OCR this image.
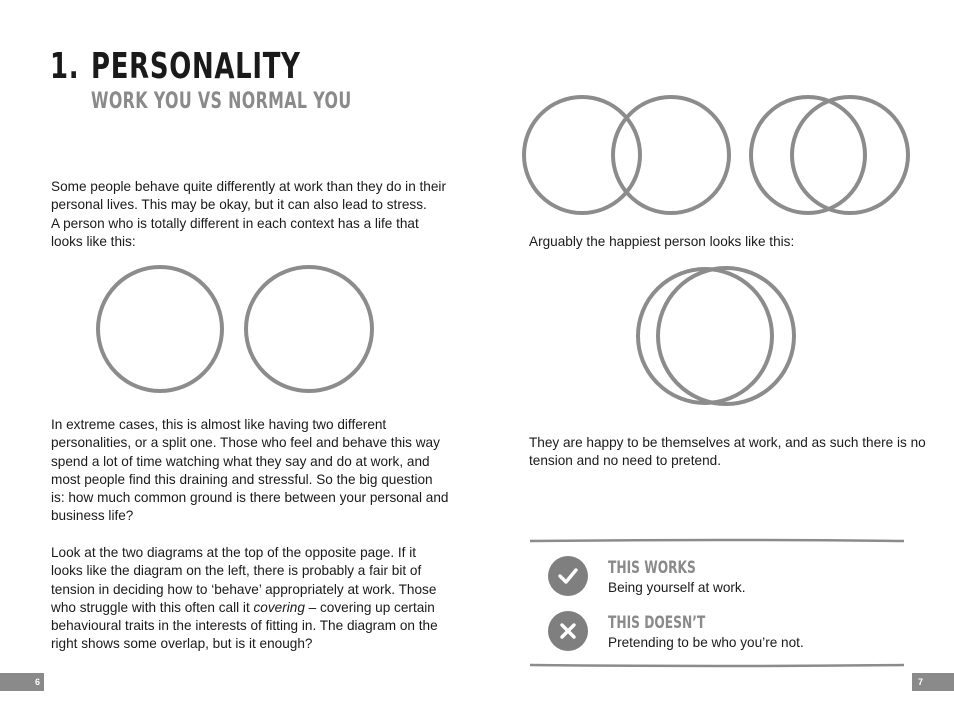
1. PERSONALITY
WORK YOU VS NORMAL YOU

Some people behave quite differently at work than they do in their

personal lives. This may be okay, but it can also lead to stress.

A person who is totally different in each context has a life that

looks like this:

In extreme cases, this is almost like having two different

personalities, or a split one. Those who feel and behave this way

spend a lot of time watching what they say and do at work, and

most people find this draining and stressful. So the big question

is: how much common ground is there between your personal and

business life?

Look at the two diagrams at the top of the opposite page. If it

looks like the diagram on the left, there is probably a fair bit of

tension in deciding how to ‘behave’ appropriately at work. Those

who struggle with this often call it covering – covering up certain

behavioural traits in the interests of fitting in. The diagram on the

right shows some overlap, but is it enough?

6
Arguably the happiest person looks like this:

They are happy to be themselves at work, and as such there is no

tension and no need to pretend.

THIS WORKS
Being yourself at work.
THIS DOESN’T
Pretending to be who you’re not.
7
